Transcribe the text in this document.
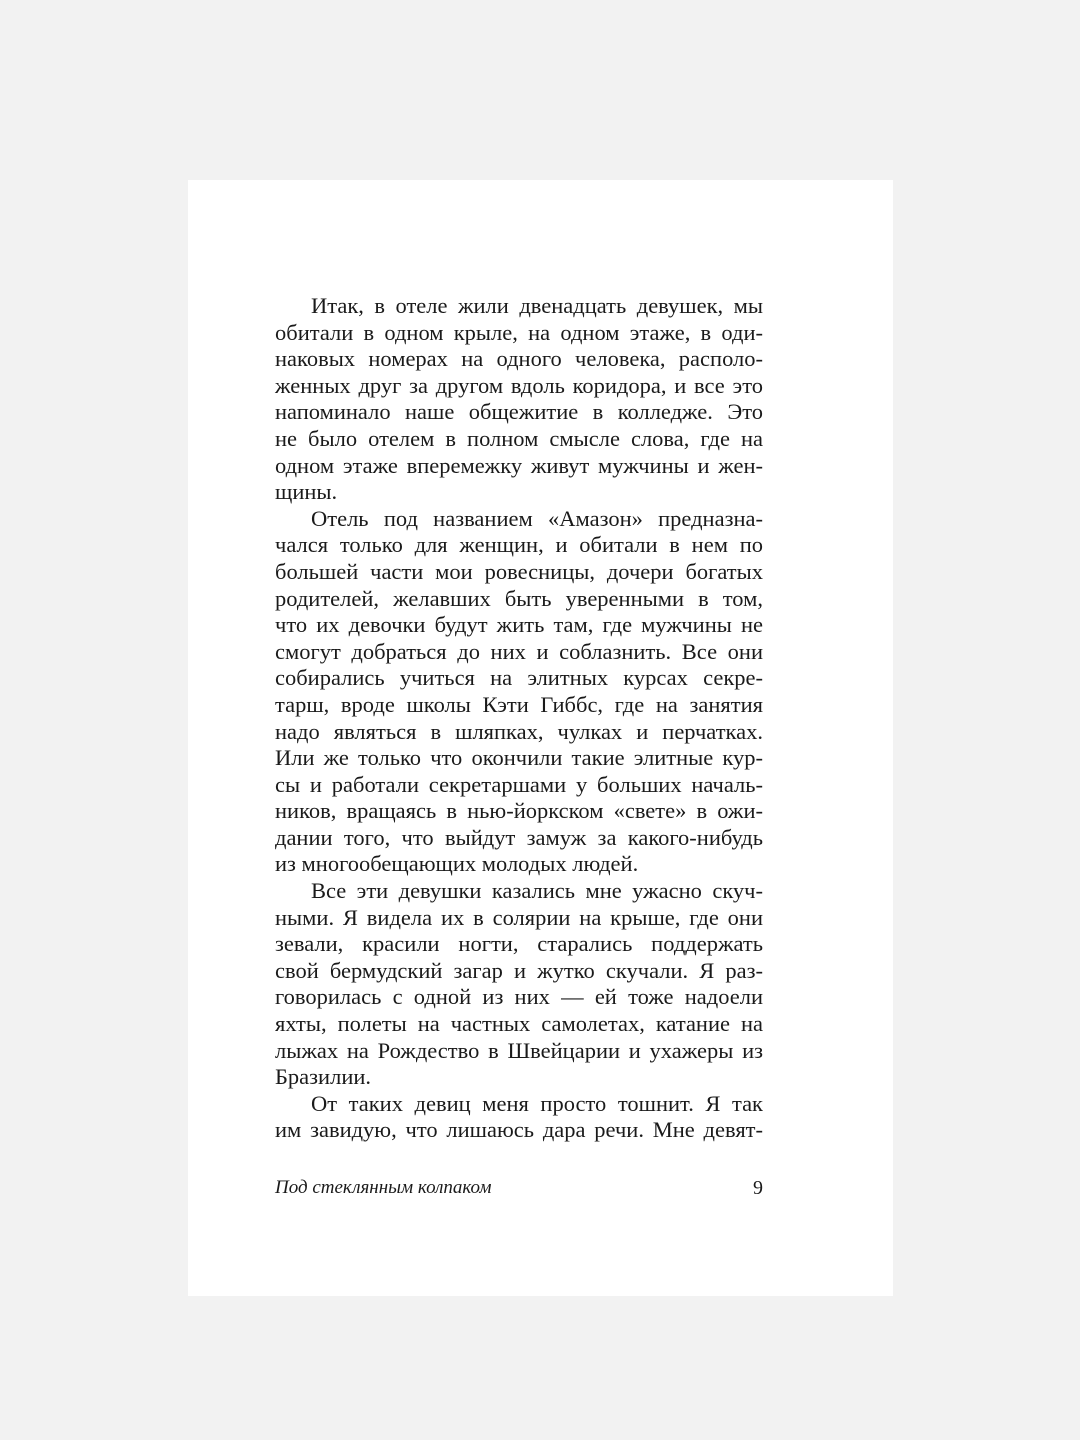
Итак, в отеле жили двенадцать девушек, мы
обитали в одном крыле, на одном этаже, в оди-
наковых номерах на одного человека, располо-
женных друг за другом вдоль коридора, и все это
напоминало наше общежитие в колледже. Это
не было отелем в полном смысле слова, где на
одном этаже вперемежку живут мужчины и жен-
щины.
Отель под названием «Амазон» предназна-
чался только для женщин, и обитали в нем по
большей части мои ровесницы, дочери богатых
родителей, желавших быть уверенными в том,
что их девочки будут жить там, где мужчины не
смогут добраться до них и соблазнить. Все они
собирались учиться на элитных курсах секре-
тарш, вроде школы Кэти Гиббс, где на занятия
надо являться в шляпках, чулках и перчатках.
Или же только что окончили такие элитные кур-
сы и работали секретаршами у больших началь-
ников, вращаясь в нью-йоркском «свете» в ожи-
дании того, что выйдут замуж за какого-нибудь
из многообещающих молодых людей.
Все эти девушки казались мне ужасно скуч-
ными. Я видела их в солярии на крыше, где они
зевали, красили ногти, старались поддержать
свой бермудский загар и жутко скучали. Я раз-
говорилась с одной из них — ей тоже надоели
яхты, полеты на частных самолетах, катание на
лыжах на Рождество в Швейцарии и ухажеры из
Бразилии.
От таких девиц меня просто тошнит. Я так
им завидую, что лишаюсь дара речи. Мне девят-
Под стеклянным колпаком	9
